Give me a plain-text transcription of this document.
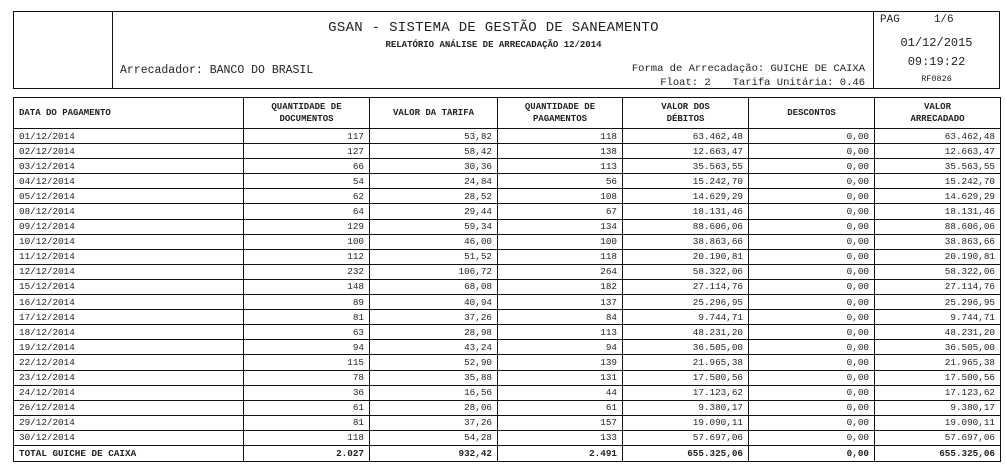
GSAN - SISTEMA DE GESTÃO DE SANEAMENTO
RELATÓRIO ANÁLISE DE ARRECADAÇÃO 12/2014
Arrecadador: BANCO DO BRASIL	Forma de Arrecadação: GUICHE DE CAIXA
Float: 2 Tarifa Unitária: 0.46
PAG	1/6
01/12/2015
09:19:22
RF0826
DATA DO PAGAMENTO	QUANTIDADE DE DOCUMENTOS	VALOR DA TARIFA	QUANTIDADE DE PAGAMENTOS	VALOR DOS DÉBITOS	DESCONTOS	VALOR ARRECADADO
01/12/2014	117	53,82	118	63.462,48	0,00	63.462,48
02/12/2014	127	58,42	138	12.663,47	0,00	12.663,47
03/12/2014	66	30,36	113	35.563,55	0,00	35.563,55
04/12/2014	54	24,84	56	15.242,70	0,00	15.242,70
05/12/2014	62	28,52	108	14.629,29	0,00	14.629,29
08/12/2014	64	29,44	67	18.131,46	0,00	18.131,46
09/12/2014	129	59,34	134	88.606,06	0,00	88.606,06
10/12/2014	100	46,00	100	38.863,66	0,00	38.863,66
11/12/2014	112	51,52	118	20.190,81	0,00	20.190,81
12/12/2014	232	106,72	264	58.322,06	0,00	58.322,06
15/12/2014	148	68,08	182	27.114,76	0,00	27.114,76
16/12/2014	89	40,94	137	25.296,95	0,00	25.296,95
17/12/2014	81	37,26	84	9.744,71	0,00	9.744,71
18/12/2014	63	28,98	113	48.231,20	0,00	48.231,20
19/12/2014	94	43,24	94	36.505,00	0,00	36.505,00
22/12/2014	115	52,90	139	21.965,38	0,00	21.965,38
23/12/2014	78	35,88	131	17.500,56	0,00	17.500,56
24/12/2014	36	16,56	44	17.123,62	0,00	17.123,62
26/12/2014	61	28,06	61	9.380,17	0,00	9.380,17
29/12/2014	81	37,26	157	19.090,11	0,00	19.090,11
30/12/2014	118	54,28	133	57.697,06	0,00	57.697,06
TOTAL GUICHE DE CAIXA	2.027	932,42	2.491	655.325,06	0,00	655.325,06
